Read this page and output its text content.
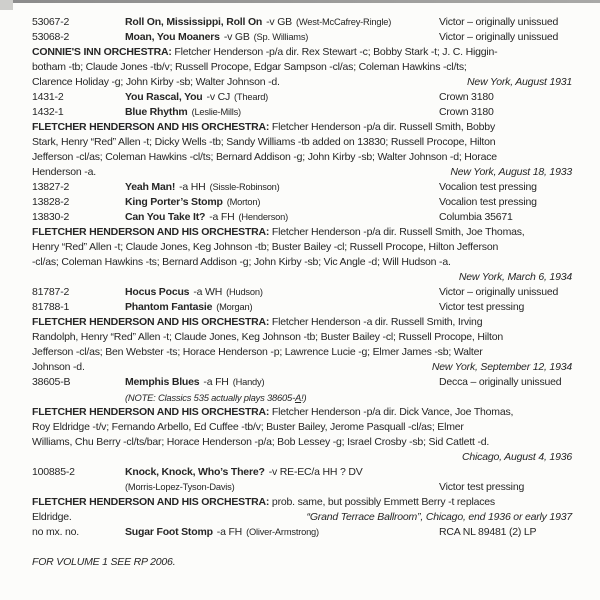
53067-2	Roll On, Mississippi, Roll On -v GB (West-McCafrey-Ringle)	Victor – originally unissued
53068-2	Moan, You Moaners -v GB (Sp. Williams)	Victor – originally unissued
CONNIE'S INN ORCHESTRA: Fletcher Henderson -p/a dir. Rex Stewart -c; Bobby Stark -t; J. C. Higgin-
botham -tb; Claude Jones -tb/v; Russell Procope, Edgar Sampson -cl/as; Coleman Hawkins -cl/ts;
Clarence Holiday -g; John Kirby -sb; Walter Johnson -d.	New York, August 1931
1431-2	You Rascal, You -v CJ (Theard)	Crown 3180
1432-1	Blue Rhythm (Leslie-Mills)	Crown 3180
FLETCHER HENDERSON AND HIS ORCHESTRA: Fletcher Henderson -p/a dir. Russell Smith, Bobby
Stark, Henry “Red” Allen -t; Dicky Wells -tb; Sandy Williams -tb added on 13830; Russell Procope, Hilton
Jefferson -cl/as; Coleman Hawkins -cl/ts; Bernard Addison -g; John Kirby -sb; Walter Johnson -d; Horace
Henderson -a.	New York, August 18, 1933
13827-2	Yeah Man! -a HH (Sissle-Robinson)	Vocalion test pressing
13828-2	King Porter’s Stomp (Morton)	Vocalion test pressing
13830-2	Can You Take It? -a FH (Henderson)	Columbia 35671
FLETCHER HENDERSON AND HIS ORCHESTRA: Fletcher Henderson -p/a dir. Russell Smith, Joe Thomas,
Henry “Red” Allen -t; Claude Jones, Keg Johnson -tb; Buster Bailey -cl; Russell Procope, Hilton Jefferson
-cl/as; Coleman Hawkins -ts; Bernard Addison -g; John Kirby -sb; Vic Angle -d; Will Hudson -a.
New York, March 6, 1934
81787-2	Hocus Pocus -a WH (Hudson)	Victor – originally unissued
81788-1	Phantom Fantasie (Morgan)	Victor test pressing
FLETCHER HENDERSON AND HIS ORCHESTRA: Fletcher Henderson -a dir. Russell Smith, Irving
Randolph, Henry “Red” Allen -t; Claude Jones, Keg Johnson -tb; Buster Bailey -cl; Russell Procope, Hilton
Jefferson -cl/as; Ben Webster -ts; Horace Henderson -p; Lawrence Lucie -g; Elmer James -sb; Walter
Johnson -d.	New York, September 12, 1934
38605-B	Memphis Blues -a FH (Handy)	Decca – originally unissued
(NOTE: Classics 535 actually plays 38605-A!)
FLETCHER HENDERSON AND HIS ORCHESTRA: Fletcher Henderson -p/a dir. Dick Vance, Joe Thomas,
Roy Eldridge -t/v; Fernando Arbello, Ed Cuffee -tb/v; Buster Bailey, Jerome Pasquall -cl/as; Elmer
Williams, Chu Berry -cl/ts/bar; Horace Henderson -p/a; Bob Lessey -g; Israel Crosby -sb; Sid Catlett -d.
Chicago, August 4, 1936
100885-2	Knock, Knock, Who’s There? -v RE-EC/a HH ? DV
(Morris-Lopez-Tyson-Davis)	Victor test pressing
FLETCHER HENDERSON AND HIS ORCHESTRA: prob. same, but possibly Emmett Berry -t replaces
Eldridge.	“Grand Terrace Ballroom”, Chicago, end 1936 or early 1937
no mx. no.	Sugar Foot Stomp -a FH (Oliver-Armstrong)	RCA NL 89481 (2) LP
FOR VOLUME 1 SEE RP 2006.
